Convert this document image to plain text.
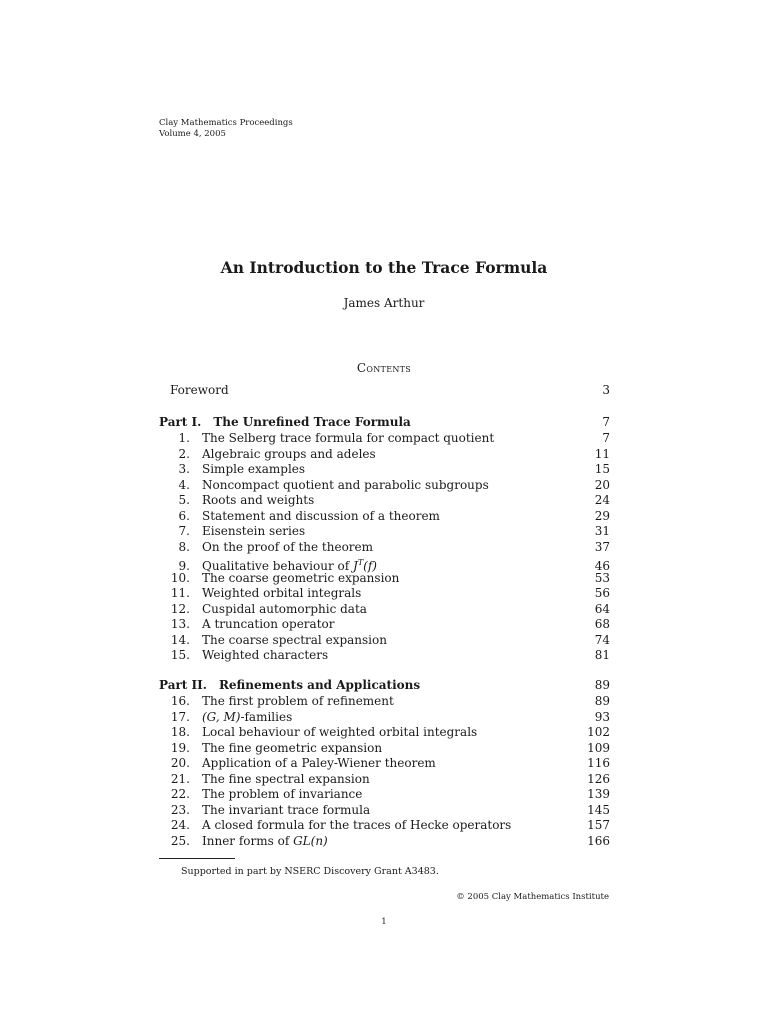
Clay Mathematics Proceedings
Volume 4, 2005
An Introduction to the Trace Formula
James Arthur
Contents
Foreword	3
Part I. The Unrefined Trace Formula	7
1. The Selberg trace formula for compact quotient	7
2. Algebraic groups and adeles	11
3. Simple examples	15
4. Noncompact quotient and parabolic subgroups	20
5. Roots and weights	24
6. Statement and discussion of a theorem	29
7. Eisenstein series	31
8. On the proof of the theorem	37
9. Qualitative behaviour of $J^T(f)$	46
10. The coarse geometric expansion	53
11. Weighted orbital integrals	56
12. Cuspidal automorphic data	64
13. A truncation operator	68
14. The coarse spectral expansion	74
15. Weighted characters	81
Part II. Refinements and Applications	89
16. The first problem of refinement	89
17. (G, M)-families	93
18. Local behaviour of weighted orbital integrals	102
19. The fine geometric expansion	109
20. Application of a Paley-Wiener theorem	116
21. The fine spectral expansion	126
22. The problem of invariance	139
23. The invariant trace formula	145
24. A closed formula for the traces of Hecke operators	157
25. Inner forms of GL(n)	166
Supported in part by NSERC Discovery Grant A3483.
© 2005 Clay Mathematics Institute
1
